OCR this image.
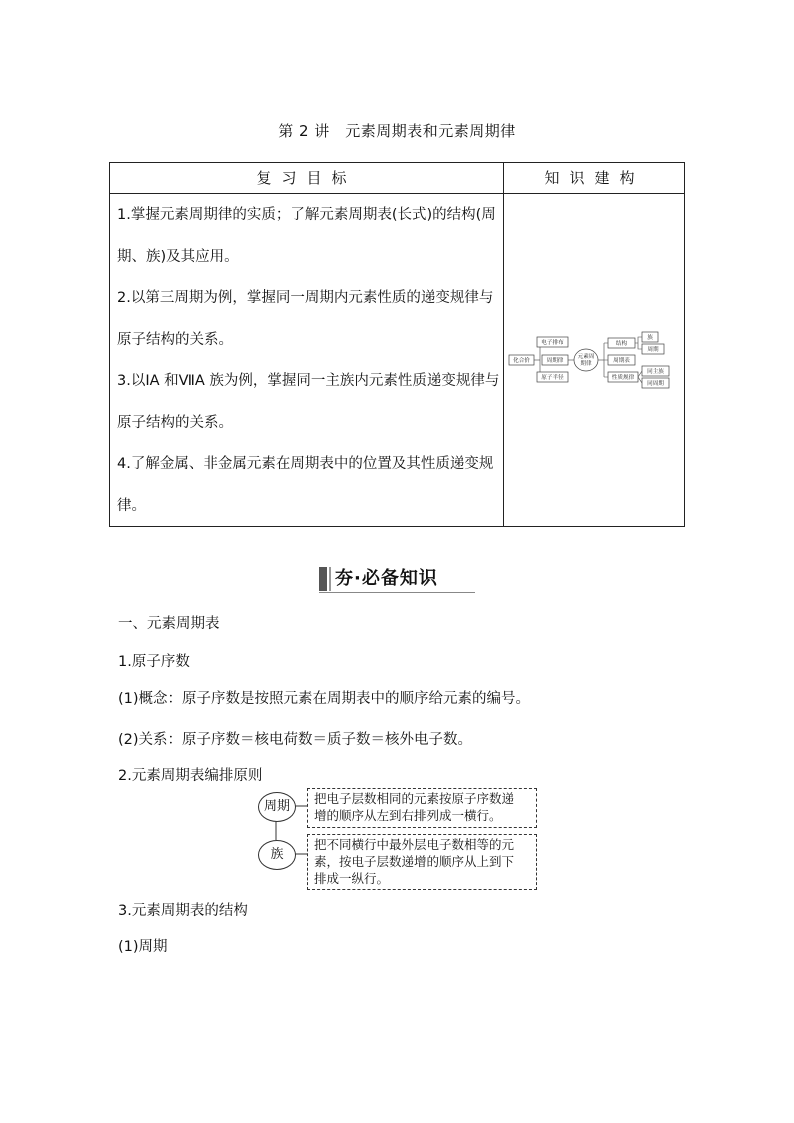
第 2 讲　元素周期表和元素周期律
复习目标	知识建构
1.掌握元素周期律的实质；了解元素周期表(长式)的结构(周期、族)及其应用。
2.以第三周期为例，掌握同一周期内元素性质的递变规律与原子结构的关系。
3.以ⅠA 和ⅦA 族为例，掌握同一主族内元素性质递变规律与原子结构的关系。
4.了解金属、非金属元素在周期表中的位置及其性质递变规律。
化合价
电子排布
周期律
原子半径
元素周
期律
结构
周期表
性质规律
族
周期
同主族
同周期
夯·必备知识
一、元素周期表
1.原子序数
(1)概念：原子序数是按照元素在周期表中的顺序给元素的编号。
(2)关系：原子序数＝核电荷数＝质子数＝核外电子数。
2.元素周期表编排原则
周期
族
把电子层数相同的元素按原子序数递
增的顺序从左到右排列成一横行。
把不同横行中最外层电子数相等的元
素，按电子层数递增的顺序从上到下
排成一纵行。
3.元素周期表的结构
(1)周期
